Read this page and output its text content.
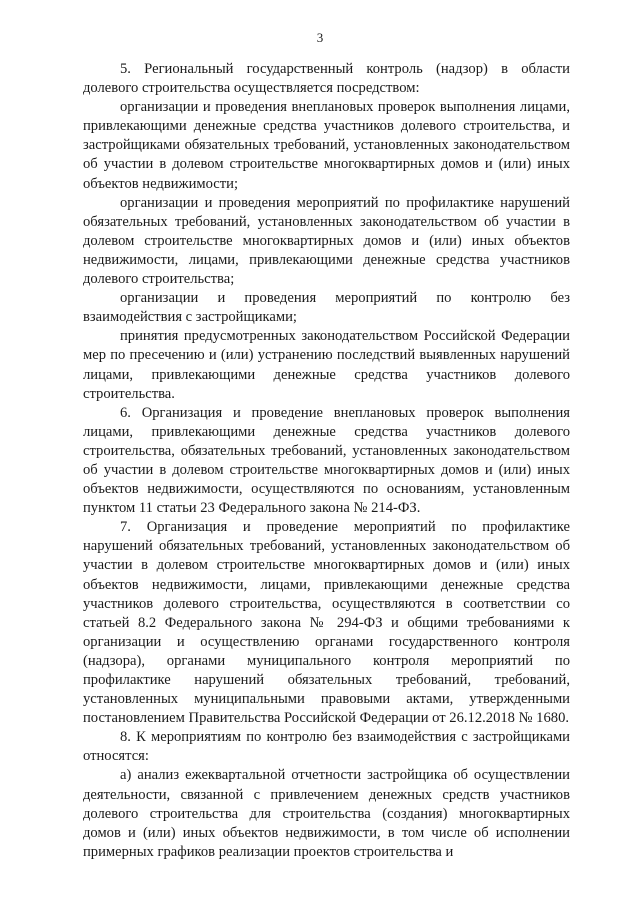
3

5. Региональный государственный контроль (надзор) в области долевого строительства осуществляется посредством:

организации и проведения внеплановых проверок выполнения лицами, привлекающими денежные средства участников долевого строительства, и застройщиками обязательных требований, установленных законодательством об участии в долевом строительстве многоквартирных домов и (или) иных объектов недвижимости;

организации и проведения мероприятий по профилактике нарушений обязательных требований, установленных законодательством об участии в долевом строительстве многоквартирных домов и (или) иных объектов недвижимости, лицами, привлекающими денежные средства участников долевого строительства;

организации и проведения мероприятий по контролю без взаимодействия с застройщиками;

принятия предусмотренных законодательством Российской Федерации мер по пресечению и (или) устранению последствий выявленных нарушений лицами, привлекающими денежные средства участников долевого строительства.

6. Организация и проведение внеплановых проверок выполнения лицами, привлекающими денежные средства участников долевого строительства, обязательных требований, установленных законодательством об участии в долевом строительстве многоквартирных домов и (или) иных объектов недвижимости, осуществляются по основаниям, установленным пунктом 11 статьи 23 Федерального закона № 214-ФЗ.

7. Организация и проведение мероприятий по профилактике нарушений обязательных требований, установленных законодательством об участии в долевом строительстве многоквартирных домов и (или) иных объектов недвижимости, лицами, привлекающими денежные средства участников долевого строительства, осуществляются в соответствии со статьей 8.2 Федерального закона № 294-ФЗ и общими требованиями к организации и осуществлению органами государственного контроля (надзора), органами муниципального контроля мероприятий по профилактике нарушений обязательных требований, требований, установленных муниципальными правовыми актами, утвержденными постановлением Правительства Российской Федерации от 26.12.2018 № 1680.

8. К мероприятиям по контролю без взаимодействия с застройщиками относятся:

а) анализ ежеквартальной отчетности застройщика об осуществлении деятельности, связанной с привлечением денежных средств участников долевого строительства для строительства (создания) многоквартирных домов и (или) иных объектов недвижимости, в том числе об исполнении примерных графиков реализации проектов строительства и
